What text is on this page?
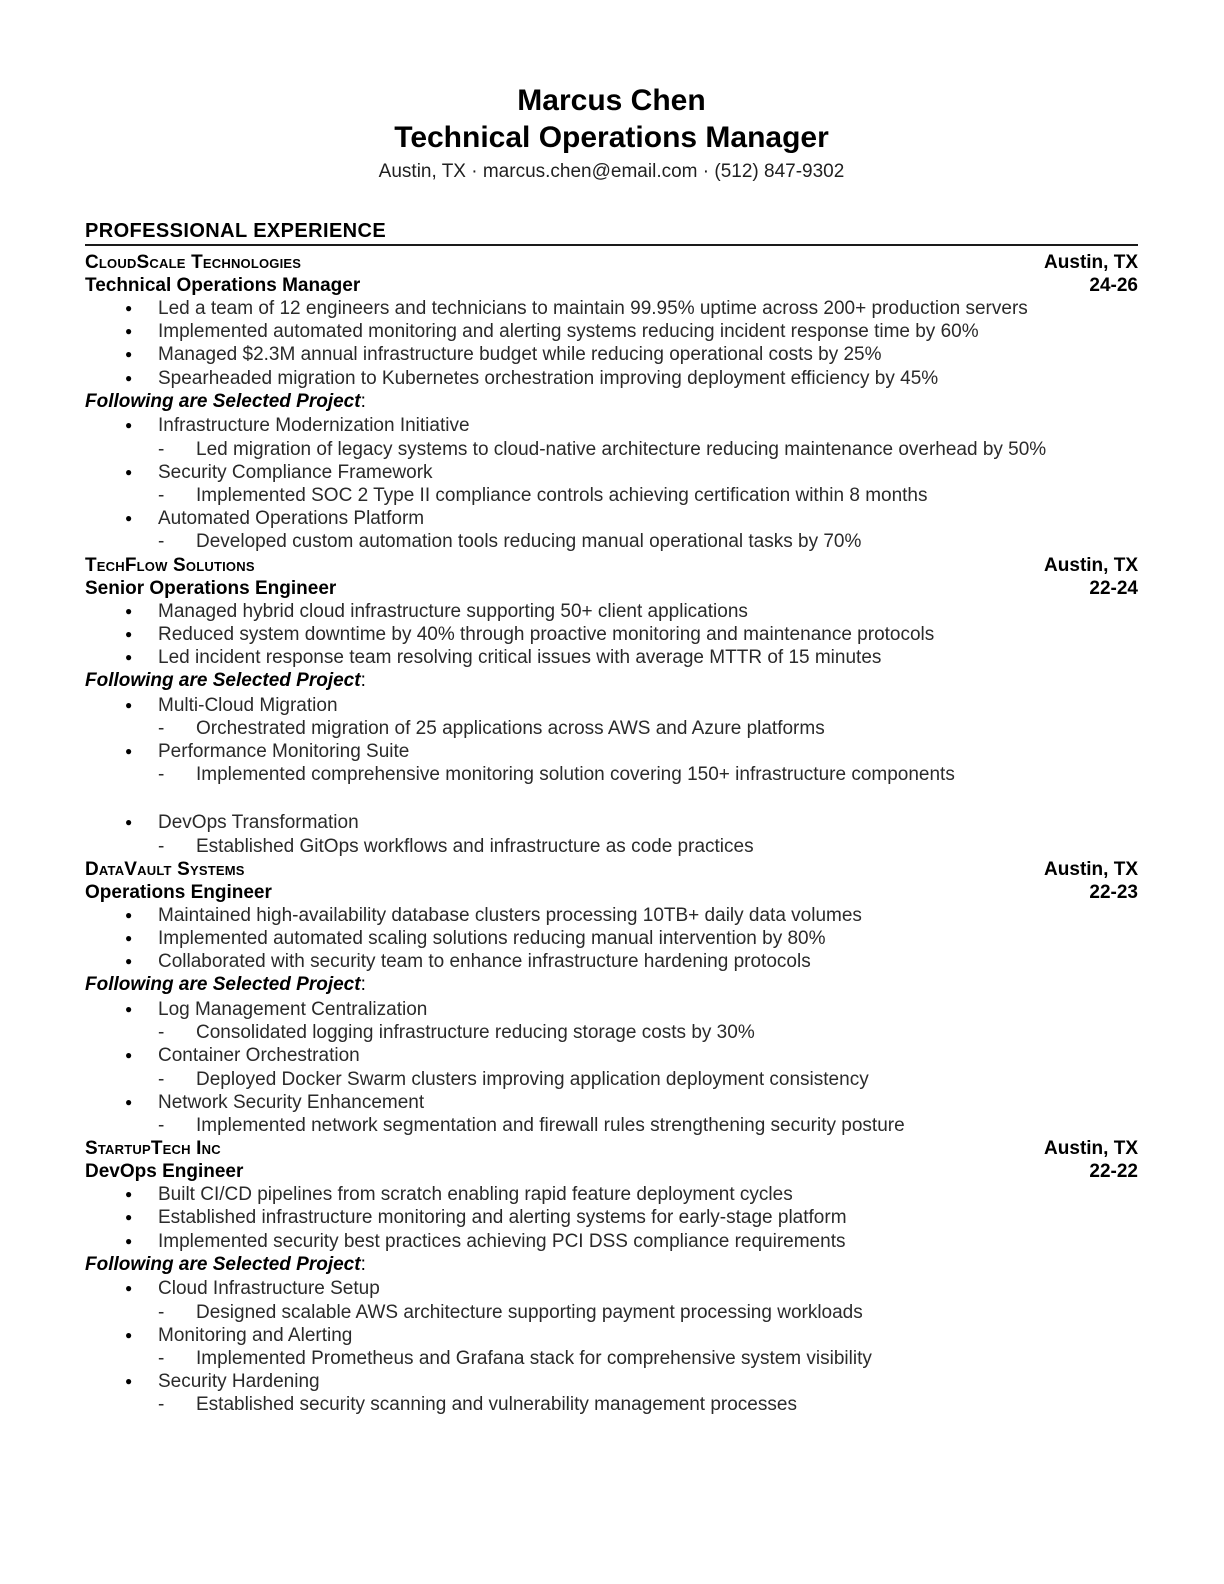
Marcus Chen
Technical Operations Manager
Austin, TX · marcus.chen@email.com · (512) 847-9302
PROFESSIONAL EXPERIENCE
CloudScale Technologies	Austin, TX
Technical Operations Manager	24-26
●	Led a team of 12 engineers and technicians to maintain 99.95% uptime across 200+ production servers
●	Implemented automated monitoring and alerting systems reducing incident response time by 60%
●	Managed $2.3M annual infrastructure budget while reducing operational costs by 25%
●	Spearheaded migration to Kubernetes orchestration improving deployment efficiency by 45%
Following are Selected Project:
●	Infrastructure Modernization Initiative
-	Led migration of legacy systems to cloud-native architecture reducing maintenance overhead by 50%
●	Security Compliance Framework
-	Implemented SOC 2 Type II compliance controls achieving certification within 8 months
●	Automated Operations Platform
-	Developed custom automation tools reducing manual operational tasks by 70%
TechFlow Solutions	Austin, TX
Senior Operations Engineer	22-24
●	Managed hybrid cloud infrastructure supporting 50+ client applications
●	Reduced system downtime by 40% through proactive monitoring and maintenance protocols
●	Led incident response team resolving critical issues with average MTTR of 15 minutes
Following are Selected Project:
●	Multi-Cloud Migration
-	Orchestrated migration of 25 applications across AWS and Azure platforms
●	Performance Monitoring Suite
-	Implemented comprehensive monitoring solution covering 150+ infrastructure components
●	DevOps Transformation
-	Established GitOps workflows and infrastructure as code practices
DataVault Systems	Austin, TX
Operations Engineer	22-23
●	Maintained high-availability database clusters processing 10TB+ daily data volumes
●	Implemented automated scaling solutions reducing manual intervention by 80%
●	Collaborated with security team to enhance infrastructure hardening protocols
Following are Selected Project:
●	Log Management Centralization
-	Consolidated logging infrastructure reducing storage costs by 30%
●	Container Orchestration
-	Deployed Docker Swarm clusters improving application deployment consistency
●	Network Security Enhancement
-	Implemented network segmentation and firewall rules strengthening security posture
StartupTech Inc	Austin, TX
DevOps Engineer	22-22
●	Built CI/CD pipelines from scratch enabling rapid feature deployment cycles
●	Established infrastructure monitoring and alerting systems for early-stage platform
●	Implemented security best practices achieving PCI DSS compliance requirements
Following are Selected Project:
●	Cloud Infrastructure Setup
-	Designed scalable AWS architecture supporting payment processing workloads
●	Monitoring and Alerting
-	Implemented Prometheus and Grafana stack for comprehensive system visibility
●	Security Hardening
-	Established security scanning and vulnerability management processes
